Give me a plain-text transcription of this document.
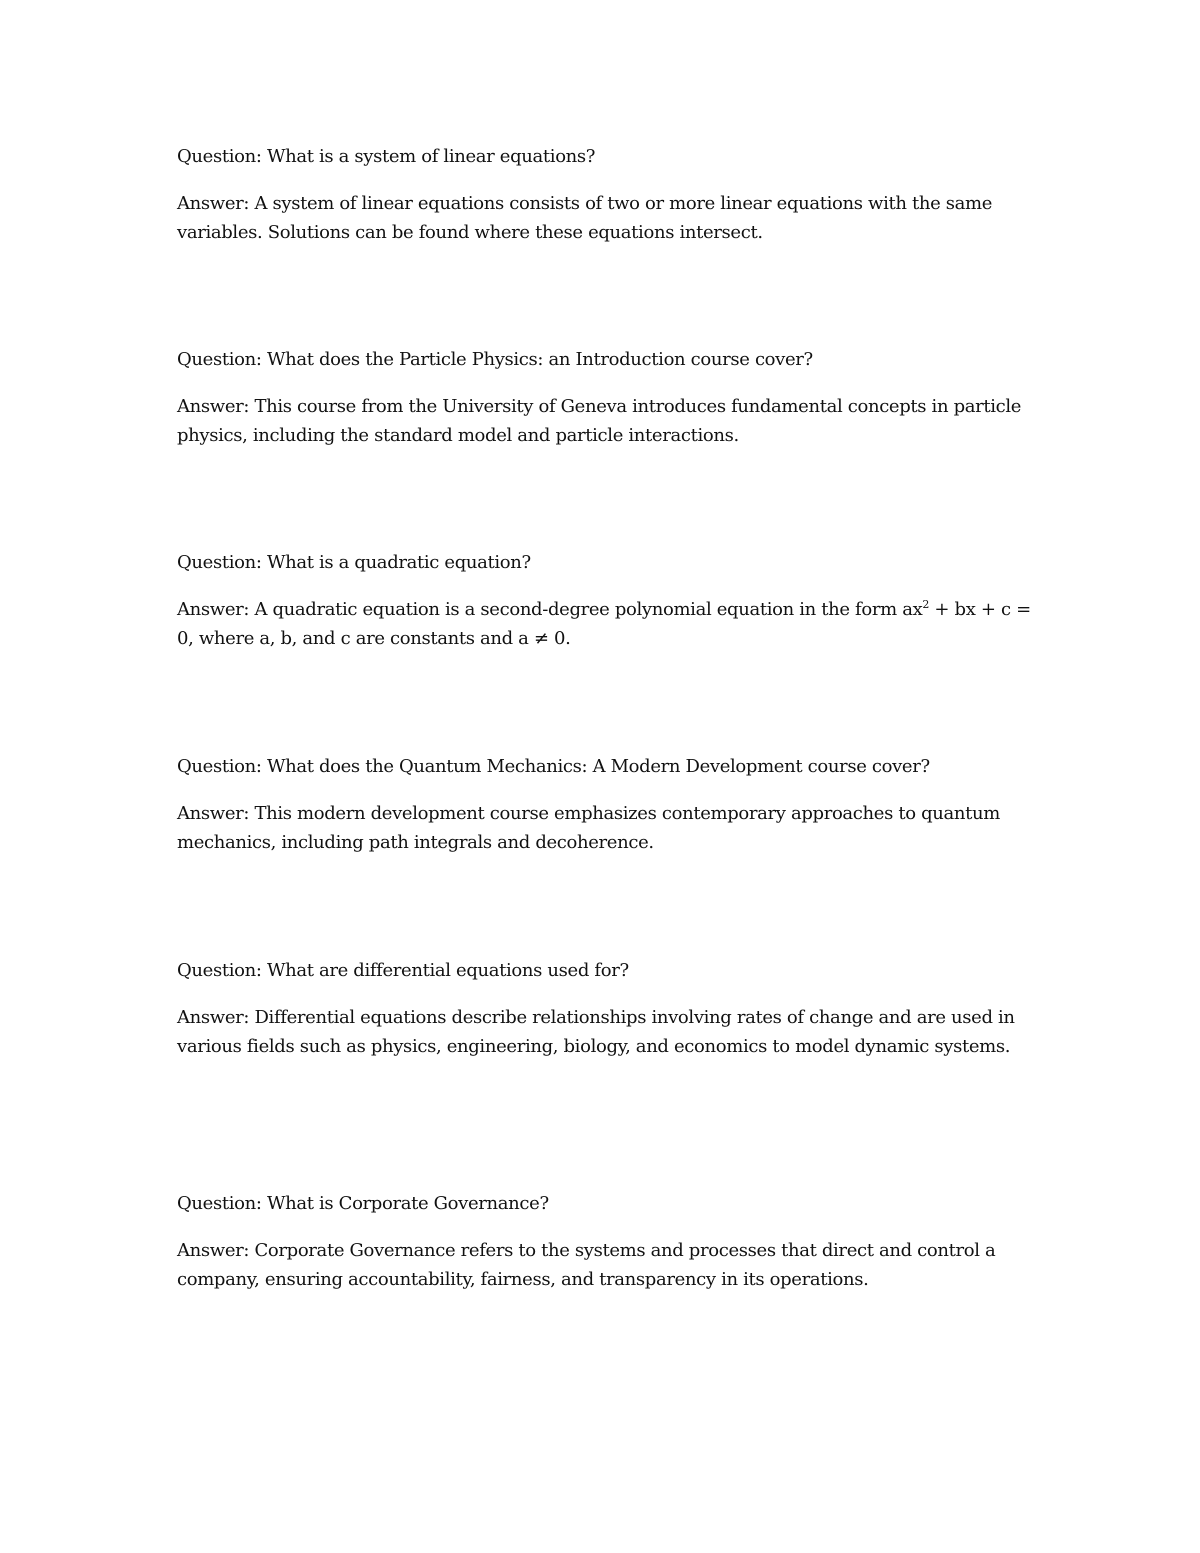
Question: What is a system of linear equations?

Answer: A system of linear equations consists of two or more linear equations with the same variables. Solutions can be found where these equations intersect.

Question: What does the Particle Physics: an Introduction course cover?

Answer: This course from the University of Geneva introduces fundamental concepts in particle physics, including the standard model and particle interactions.

Question: What is a quadratic equation?

Answer: A quadratic equation is a second-degree polynomial equation in the form $ax^2$ + bx + c = 0, where a, b, and c are constants and a ≠ 0.

Question: What does the Quantum Mechanics: A Modern Development course cover?

Answer: This modern development course emphasizes contemporary approaches to quantum mechanics, including path integrals and decoherence.

Question: What are differential equations used for?

Answer: Differential equations describe relationships involving rates of change and are used in various fields such as physics, engineering, biology, and economics to model dynamic systems.

Question: What is Corporate Governance?

Answer: Corporate Governance refers to the systems and processes that direct and control a company, ensuring accountability, fairness, and transparency in its operations.
